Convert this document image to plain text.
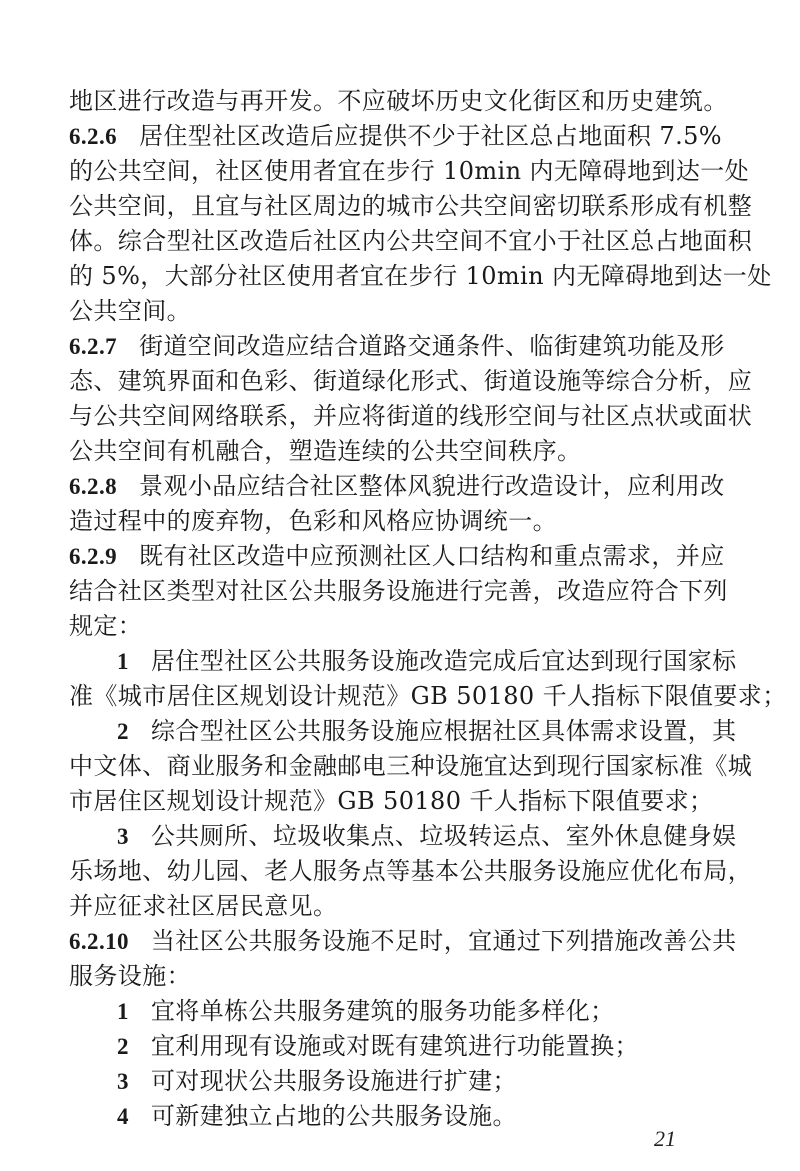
地区进行改造与再开发。不应破坏历史文化街区和历史建筑。
6.2.6 居住型社区改造后应提供不少于社区总占地面积 7.5%
的公共空间，社区使用者宜在步行 10min 内无障碍地到达一处
公共空间，且宜与社区周边的城市公共空间密切联系形成有机整
体。综合型社区改造后社区内公共空间不宜小于社区总占地面积
的 5%，大部分社区使用者宜在步行 10min 内无障碍地到达一处
公共空间。
6.2.7 街道空间改造应结合道路交通条件、临街建筑功能及形
态、建筑界面和色彩、街道绿化形式、街道设施等综合分析，应
与公共空间网络联系，并应将街道的线形空间与社区点状或面状
公共空间有机融合，塑造连续的公共空间秩序。
6.2.8 景观小品应结合社区整体风貌进行改造设计，应利用改
造过程中的废弃物，色彩和风格应协调统一。
6.2.9 既有社区改造中应预测社区人口结构和重点需求，并应
结合社区类型对社区公共服务设施进行完善，改造应符合下列
规定：
1 居住型社区公共服务设施改造完成后宜达到现行国家标
准《城市居住区规划设计规范》GB 50180 千人指标下限值要求；
2 综合型社区公共服务设施应根据社区具体需求设置，其
中文体、商业服务和金融邮电三种设施宜达到现行国家标准《城
市居住区规划设计规范》GB 50180 千人指标下限值要求；
3 公共厕所、垃圾收集点、垃圾转运点、室外休息健身娱
乐场地、幼儿园、老人服务点等基本公共服务设施应优化布局，
并应征求社区居民意见。
6.2.10 当社区公共服务设施不足时，宜通过下列措施改善公共
服务设施：
1 宜将单栋公共服务建筑的服务功能多样化；
2 宜利用现有设施或对既有建筑进行功能置换；
3 可对现状公共服务设施进行扩建；
4 可新建独立占地的公共服务设施。
21
